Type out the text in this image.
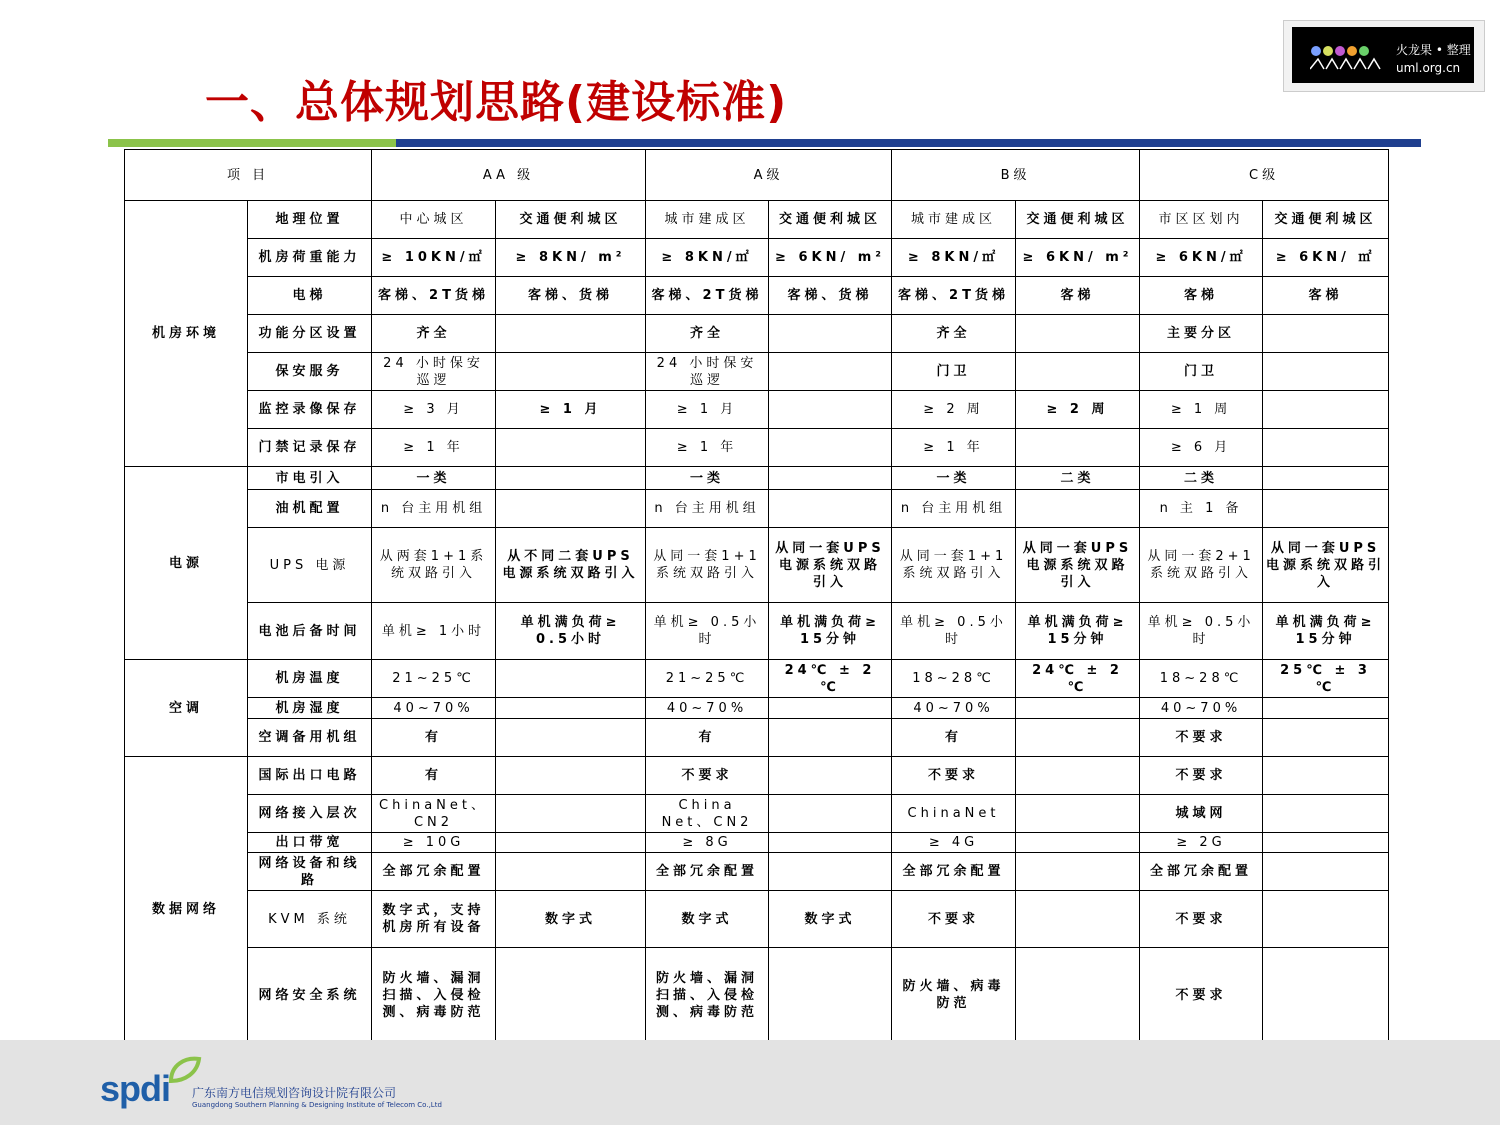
一、总体规划思路(建设标准)
火龙果 • 整理
uml.org.cn
项 目		AA 级		A级		B级		C级	
机房环境	地理位置	中心城区	交通便利城区	城市建成区	交通便利城区	城市建成区	交通便利城区	市区区划内	交通便利城区
	机房荷重能力	≥ 10KN/㎡	≥ 8KN/ m²	≥ 8KN/㎡	≥ 6KN/ m²	≥ 8KN/㎡	≥ 6KN/ m²	≥ 6KN/㎡	≥ 6KN/ ㎡
	电梯	客梯、2T货梯	客梯、货梯	客梯、2T货梯	客梯、货梯	客梯、2T货梯	客梯	客梯	客梯
	功能分区设置	齐全		齐全		齐全		主要分区	
	保安服务	24 小时保安巡逻		24 小时保安巡逻		门卫		门卫	
	监控录像保存	≥ 3 月	≥ 1 月	≥ 1 月		≥ 2 周	≥ 2 周	≥ 1 周	
	门禁记录保存	≥ 1 年		≥ 1 年		≥ 1 年		≥ 6 月	
电源	市电引入	一类		一类		一类	二类	二类	
	油机配置	n 台主用机组		n 台主用机组		n 台主用机组		n 主 1 备	
	UPS 电源	从两套1+1系统双路引入	从不同二套UPS电源系统双路引入	从同一套1+1系统双路引入	从同一套UPS电源系统双路引入	从同一套1+1系统双路引入	从同一套UPS电源系统双路引入	从同一套2+1系统双路引入	从同一套UPS电源系统双路引入
	电池后备时间	单机≥ 1小时	单机满负荷≥ 0.5小时	单机≥ 0.5小时	单机满负荷≥ 15分钟	单机≥ 0.5小时	单机满负荷≥ 15分钟	单机≥ 0.5小时	单机满负荷≥ 15分钟
空调	机房温度	21~25℃		21~25℃	24℃ ± 2 ℃	18~28℃	24℃ ± 2 ℃	18~28℃	25℃ ± 3 ℃
	机房湿度	40~70%		40~70%		40~70%		40~70%	
	空调备用机组	有		有		有		不要求	
数据网络	国际出口电路	有		不要求		不要求		不要求	
	网络接入层次	ChinaNet、CN2		China Net、CN2		ChinaNet		城域网	
	出口带宽	≥ 10G		≥ 8G		≥ 4G		≥ 2G	
	网络设备和线路	全部冗余配置		全部冗余配置		全部冗余配置		全部冗余配置	
	KVM 系统	数字式，支持机房所有设备	数字式	数字式	数字式	不要求		不要求	
	网络安全系统	防火墙、漏洞扫描、入侵检测、病毒防范		防火墙、漏洞扫描、入侵检测、病毒防范		防火墙、病毒防范		不要求	

spdi 广东南方电信规划咨询设计院有限公司
Guangdong Southern Planning & Designing Institute of Telecom Co.,Ltd
